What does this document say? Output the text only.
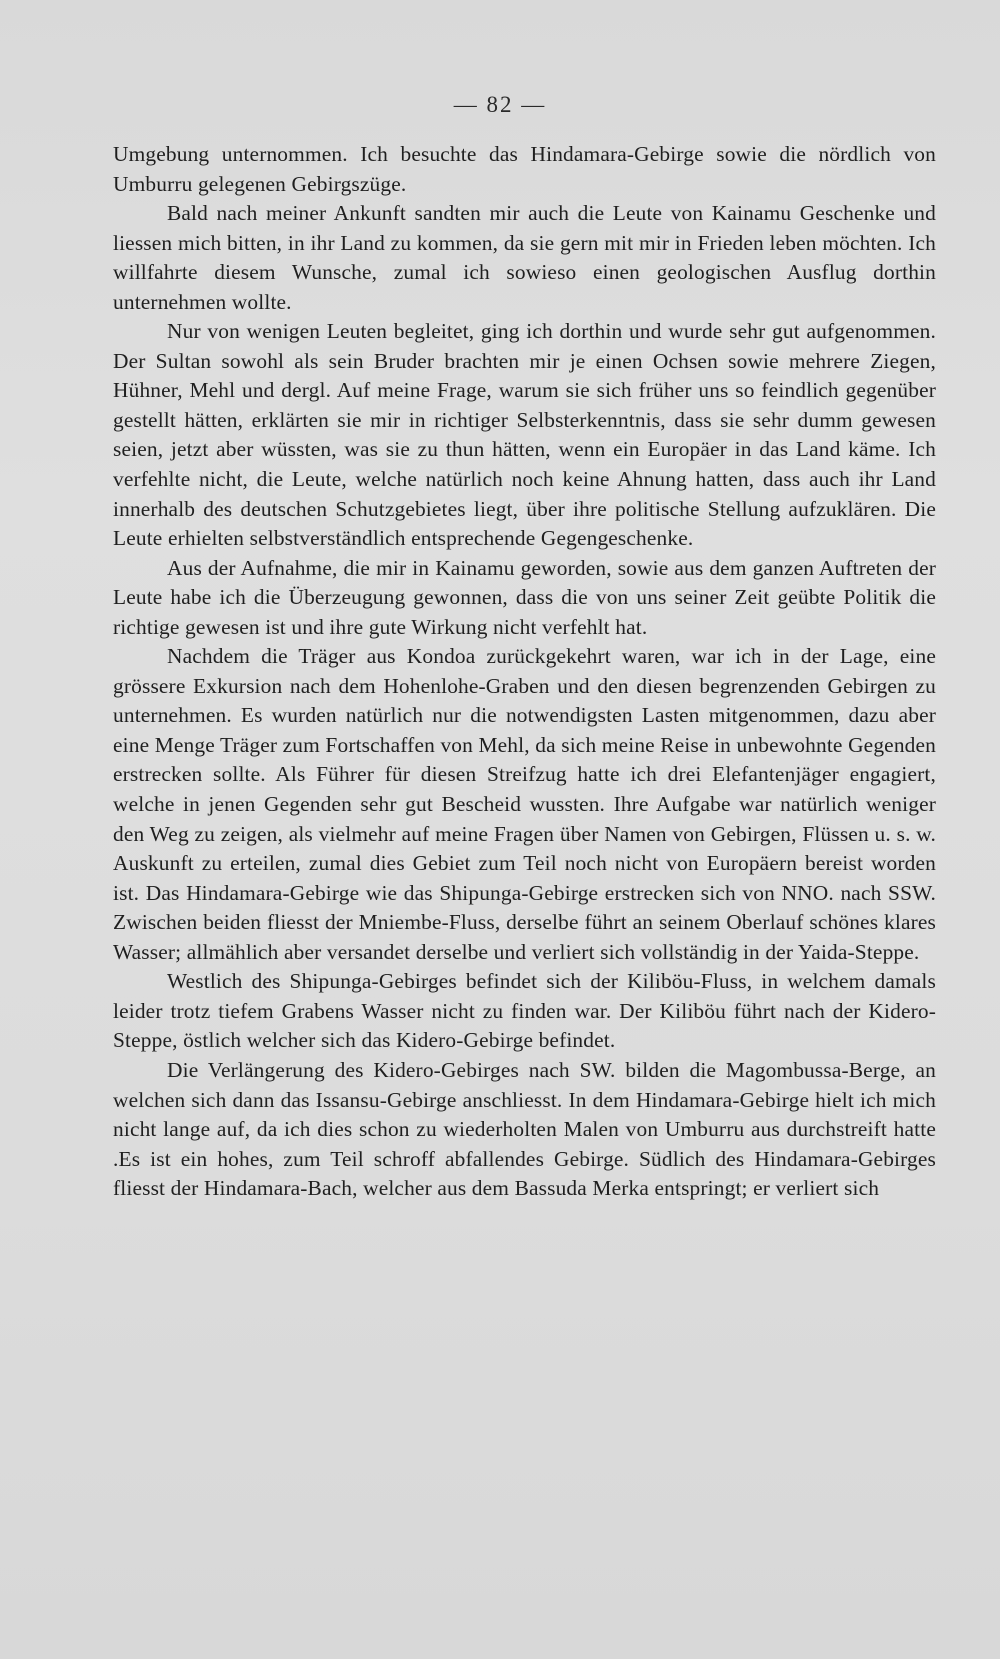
— 82 —

Umgebung unternommen. Ich besuchte das Hindamara-Gebirge sowie die nördlich von Umburru gelegenen Gebirgszüge.

Bald nach meiner Ankunft sandten mir auch die Leute von Kainamu Geschenke und liessen mich bitten, in ihr Land zu kommen, da sie gern mit mir in Frieden leben möchten. Ich willfahrte diesem Wunsche, zumal ich sowieso einen geologischen Ausflug dorthin unternehmen wollte.

Nur von wenigen Leuten begleitet, ging ich dorthin und wurde sehr gut aufgenommen. Der Sultan sowohl als sein Bruder brachten mir je einen Ochsen sowie mehrere Ziegen, Hühner, Mehl und dergl. Auf meine Frage, warum sie sich früher uns so feindlich gegenüber gestellt hätten, erklärten sie mir in richtiger Selbsterkenntnis, dass sie sehr dumm gewesen seien, jetzt aber wüssten, was sie zu thun hätten, wenn ein Europäer in das Land käme. Ich verfehlte nicht, die Leute, welche natürlich noch keine Ahnung hatten, dass auch ihr Land innerhalb des deutschen Schutzgebietes liegt, über ihre politische Stellung aufzuklären. Die Leute erhielten selbstverständlich entsprechende Gegengeschenke.

Aus der Aufnahme, die mir in Kainamu geworden, sowie aus dem ganzen Auftreten der Leute habe ich die Überzeugung gewonnen, dass die von uns seiner Zeit geübte Politik die richtige gewesen ist und ihre gute Wirkung nicht verfehlt hat.

Nachdem die Träger aus Kondoa zurückgekehrt waren, war ich in der Lage, eine grössere Exkursion nach dem Hohenlohe-Graben und den diesen begrenzenden Gebirgen zu unternehmen. Es wurden natürlich nur die notwendigsten Lasten mitgenommen, dazu aber eine Menge Träger zum Fortschaffen von Mehl, da sich meine Reise in unbewohnte Gegenden erstrecken sollte. Als Führer für diesen Streifzug hatte ich drei Elefantenjäger engagiert, welche in jenen Gegenden sehr gut Bescheid wussten. Ihre Aufgabe war natürlich weniger den Weg zu zeigen, als vielmehr auf meine Fragen über Namen von Gebirgen, Flüssen u. s. w. Auskunft zu erteilen, zumal dies Gebiet zum Teil noch nicht von Europäern bereist worden ist. Das Hindamara-Gebirge wie das Shipunga-Gebirge erstrecken sich von NNO. nach SSW. Zwischen beiden fliesst der Mniembe-Fluss, derselbe führt an seinem Oberlauf schönes klares Wasser; allmählich aber versandet derselbe und verliert sich vollständig in der Yaida-Steppe.

Westlich des Shipunga-Gebirges befindet sich der Kiliböu-Fluss, in welchem damals leider trotz tiefem Grabens Wasser nicht zu finden war. Der Kiliböu führt nach der Kidero-Steppe, östlich welcher sich das Kidero-Gebirge befindet.

Die Verlängerung des Kidero-Gebirges nach SW. bilden die Magombussa-Berge, an welchen sich dann das Issansu-Gebirge anschliesst. In dem Hindamara-Gebirge hielt ich mich nicht lange auf, da ich dies schon zu wiederholten Malen von Umburru aus durchstreift hatte .Es ist ein hohes, zum Teil schroff abfallendes Gebirge. Südlich des Hindamara-Gebirges fliesst der Hindamara-Bach, welcher aus dem Bassuda Merka entspringt; er verliert sich
